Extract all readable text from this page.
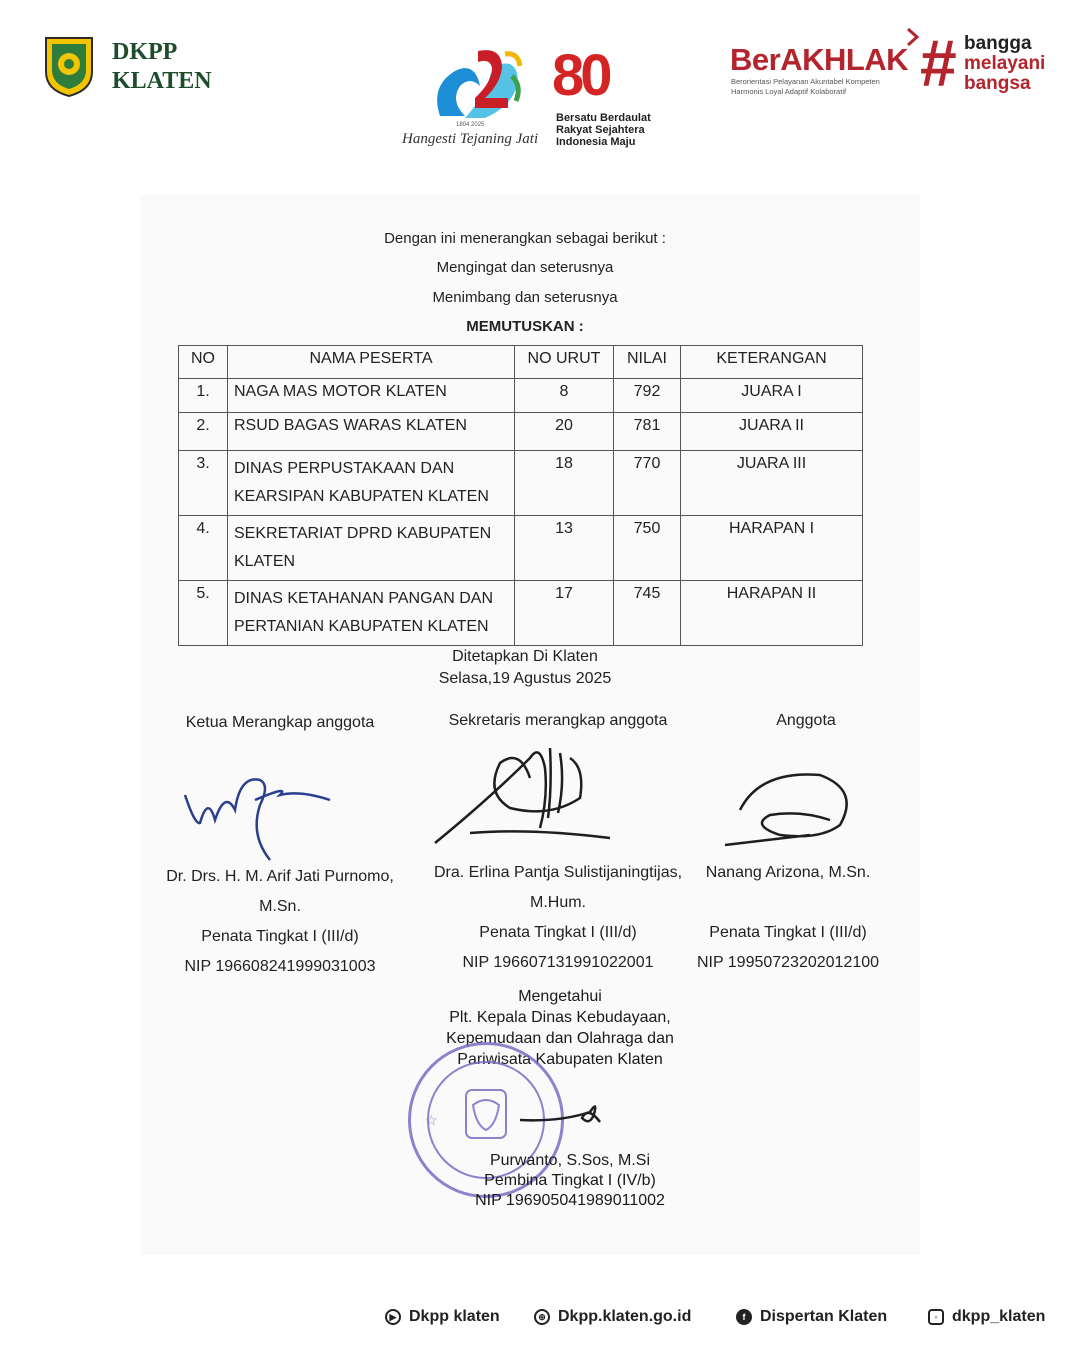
DKPP
KLATEN
1804 2025
Hangesti Tejaning Jati
80
Bersatu Berdaulat
Rakyat Sejahtera
Indonesia Maju
BerAKHLAK
Berorientasi Pelayanan Akuntabel Kompeten
Harmonis Loyal Adaptif Kolaboratif	# bangga
melayani
bangsa
Dengan ini menerangkan sebagai berikut :
Mengingat dan seterusnya
Menimbang dan seterusnya
MEMUTUSKAN :
NO	NAMA PESERTA	NO URUT	NILAI	KETERANGAN
1.	NAGA MAS MOTOR KLATEN	8	792	JUARA I
2.	RSUD BAGAS WARAS KLATEN	20	781	JUARA II
3.	DINAS PERPUSTAKAAN DAN KEARSIPAN KABUPATEN KLATEN	18	770	JUARA III
4.	SEKRETARIAT DPRD KABUPATEN KLATEN	13	750	HARAPAN I
5.	DINAS KETAHANAN PANGAN DAN PERTANIAN KABUPATEN KLATEN	17	745	HARAPAN II
Ditetapkan Di Klaten
Selasa,19 Agustus 2025
Ketua Merangkap anggota
Dr. Drs. H. M. Arif Jati Purnomo,
M.Sn.
Penata Tingkat I (III/d)
NIP 196608241999031003
Sekretaris merangkap anggota
Dra. Erlina Pantja Sulistijaningtijas,
M.Hum.
Penata Tingkat I (III/d)
NIP 196607131991022001
Anggota
Nanang Arizona, M.Sn.
Penata Tingkat I (III/d)
NIP 19950723202012100
Mengetahui
Plt. Kepala Dinas Kebudayaan,
Kepemudaan dan Olahraga dan
Pariwisata Kabupaten Klaten
☆
Purwanto, S.Sos, M.Si
Pembina Tingkat I (IV/b)
NIP 196905041989011002
▶ Dkpp klaten	⊕ Dkpp.klaten.go.id	f Dispertan Klaten	◦ dkpp_klaten
